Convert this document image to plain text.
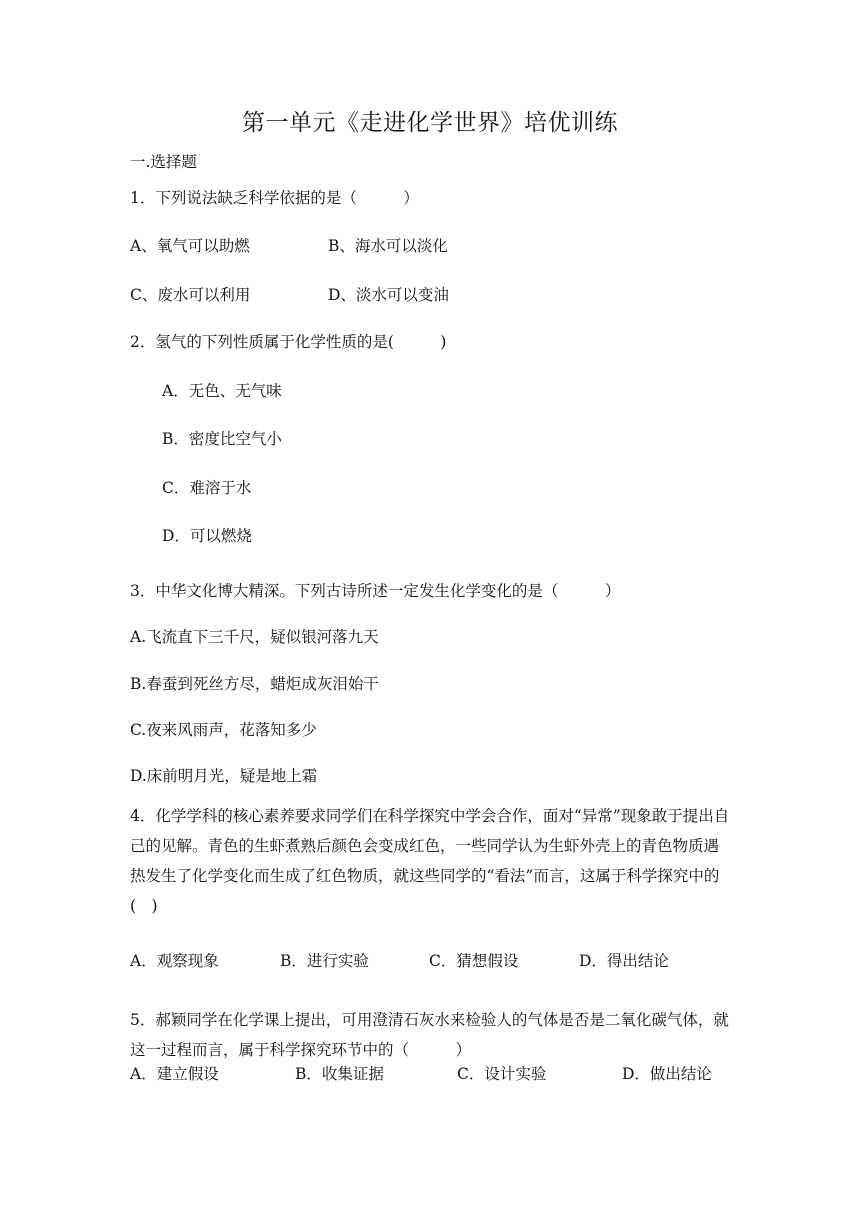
第一单元《走进化学世界》培优训练
一.选择题
1．下列说法缺乏科学依据的是（　　　）
A、氧气可以助燃	B、海水可以淡化
C、废水可以利用	D、淡水可以变油
2．氢气的下列性质属于化学性质的是(　　　)
A．无色、无气味
B．密度比空气小
C．难溶于水
D．可以燃烧
3．中华文化博大精深。下列古诗所述一定发生化学变化的是（　　　）
A.飞流直下三千尺，疑似银河落九天
B.春蚕到死丝方尽，蜡炬成灰泪始干
C.夜来风雨声，花落知多少
D.床前明月光，疑是地上霜
4．化学学科的核心素养要求同学们在科学探究中学会合作，面对“异常”现象敢于提出自己的见解。青色的生虾煮熟后颜色会变成红色，一些同学认为生虾外壳上的青色物质遇热发生了化学变化而生成了红色物质，就这些同学的“看法”而言，这属于科学探究中的(　)
A．观察现象	B．进行实验	C．猜想假设	D．得出结论
5．郝颖同学在化学课上提出，可用澄清石灰水来检验人的气体是否是二氧化碳气体，就这一过程而言，属于科学探究环节中的（　　　）
A．建立假设	B．收集证据	C．设计实验	D．做出结论
